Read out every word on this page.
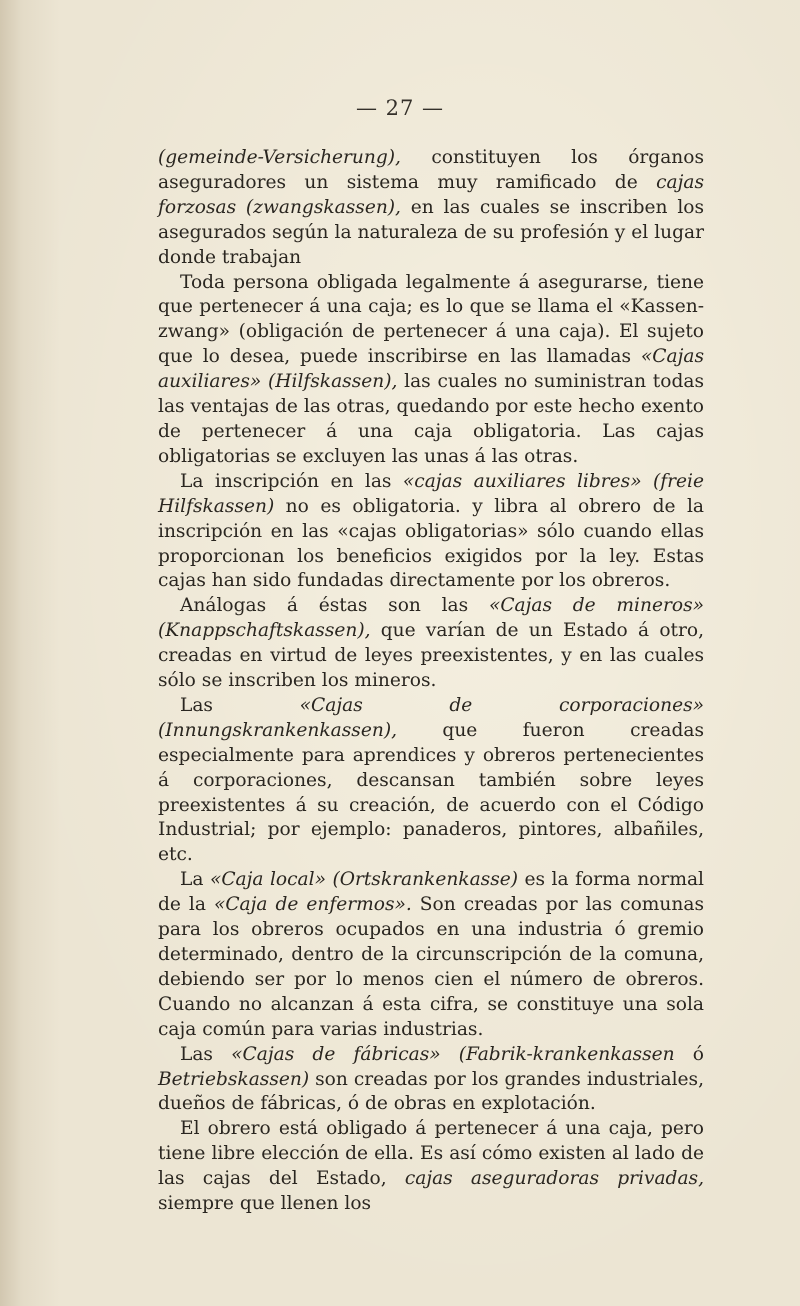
— 27 —

(gemeinde-Versicherung), constituyen los órganos aseguradores un sistema muy ramificado de cajas forzosas (zwangskassen), en las cuales se inscriben los asegurados según la naturaleza de su profesión y el lugar donde trabajan

Toda persona obligada legalmente á asegurarse, tiene que pertenecer á una caja; es lo que se llama el «Kassen-zwang» (obligación de pertenecer á una caja). El sujeto que lo desea, puede inscribirse en las llamadas «Cajas auxiliares» (Hilfskassen), las cuales no suministran todas las ventajas de las otras, quedando por este hecho exento de pertenecer á una caja obligatoria. Las cajas obligatorias se excluyen las unas á las otras.

La inscripción en las «cajas auxiliares libres» (freie Hilfskassen) no es obligatoria. y libra al obrero de la inscripción en las «cajas obligatorias» sólo cuando ellas proporcionan los beneficios exigidos por la ley. Estas cajas han sido fundadas directamente por los obreros.

Análogas á éstas son las «Cajas de mineros» (Knappschaftskassen), que varían de un Estado á otro, creadas en virtud de leyes preexistentes, y en las cuales sólo se inscriben los mineros.

Las «Cajas de corporaciones» (Innungskrankenkassen), que fueron creadas especialmente para aprendices y obreros pertenecientes á corporaciones, descansan también sobre leyes preexistentes á su creación, de acuerdo con el Código Industrial; por ejemplo: panaderos, pintores, albañiles, etc.

La «Caja local» (Ortskrankenkasse) es la forma normal de la «Caja de enfermos». Son creadas por las comunas para los obreros ocupados en una industria ó gremio determinado, dentro de la circunscripción de la comuna, debiendo ser por lo menos cien el número de obreros. Cuando no alcanzan á esta cifra, se constituye una sola caja común para varias industrias.

Las «Cajas de fábricas» (Fabrik-krankenkassen ó Betriebskassen) son creadas por los grandes industriales, dueños de fábricas, ó de obras en explotación.

El obrero está obligado á pertenecer á una caja, pero tiene libre elección de ella. Es así cómo existen al lado de las cajas del Estado, cajas aseguradoras privadas, siempre que llenen los
